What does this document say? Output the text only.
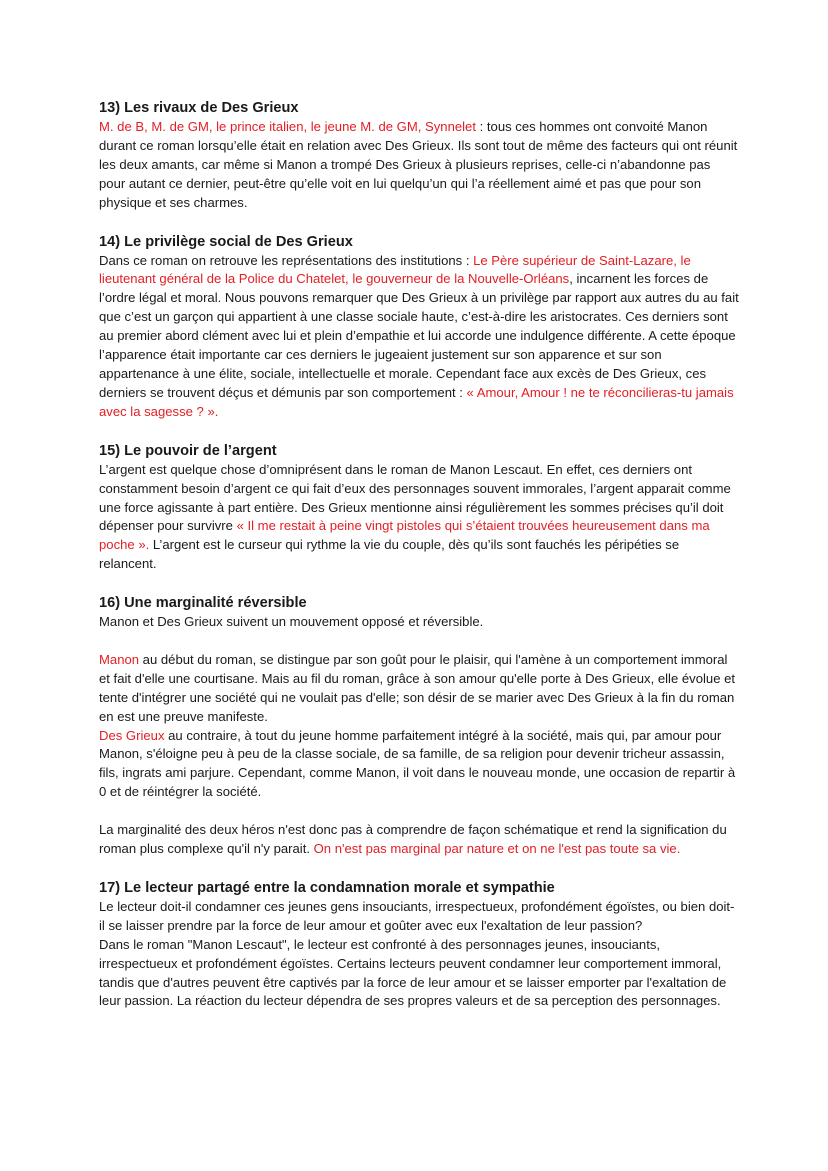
13) Les rivaux de Des Grieux

M. de B, M. de GM, le prince italien, le jeune M. de GM, Synnelet : tous ces hommes ont convoité Manon durant ce roman lorsqu’elle était en relation avec Des Grieux. Ils sont tout de même des facteurs qui ont réunit les deux amants, car même si Manon a trompé Des Grieux à plusieurs reprises, celle-ci n’abandonne pas pour autant ce dernier, peut-être qu’elle voit en lui quelqu’un qui l’a réellement aimé et pas que pour son physique et ses charmes.

14) Le privilège social de Des Grieux

Dans ce roman on retrouve les représentations des institutions : Le Père supérieur de Saint-Lazare, le lieutenant général de la Police du Chatelet, le gouverneur de la Nouvelle-Orléans, incarnent les forces de l’ordre légal et moral. Nous pouvons remarquer que Des Grieux à un privilège par rapport aux autres du au fait que c’est un garçon qui appartient à une classe sociale haute, c’est-à-dire les aristocrates. Ces derniers sont au premier abord clément avec lui et plein d’empathie et lui accorde une indulgence différente. A cette époque l’apparence était importante car ces derniers le jugeaient justement sur son apparence et sur son appartenance à une élite, sociale, intellectuelle et morale. Cependant face aux excès de Des Grieux, ces derniers se trouvent déçus et démunis par son comportement : « Amour, Amour ! ne te réconcilieras-tu jamais avec la sagesse ? ».

15) Le pouvoir de l’argent

L’argent est quelque chose d’omniprésent dans le roman de Manon Lescaut. En effet, ces derniers ont constamment besoin d’argent ce qui fait d’eux des personnages souvent immorales, l’argent apparait comme une force agissante à part entière. Des Grieux mentionne ainsi régulièrement les sommes précises qu’il doit dépenser pour survivre « Il me restait à peine vingt pistoles qui s’étaient trouvées heureusement dans ma poche ». L’argent est le curseur qui rythme la vie du couple, dès qu’ils sont fauchés les péripéties se relancent.

16) Une marginalité réversible

Manon et Des Grieux suivent un mouvement opposé et réversible.

Manon au début du roman, se distingue par son goût pour le plaisir, qui l'amène à un comportement immoral et fait d'elle une courtisane. Mais au fil du roman, grâce à son amour qu'elle porte à Des Grieux, elle évolue et tente d'intégrer une société qui ne voulait pas d'elle; son désir de se marier avec Des Grieux à la fin du roman en est une preuve manifeste.

Des Grieux au contraire, à tout du jeune homme parfaitement intégré à la société, mais qui, par amour pour Manon, s'éloigne peu à peu de la classe sociale, de sa famille, de sa religion pour devenir tricheur assassin, fils, ingrats ami parjure. Cependant, comme Manon, il voit dans le nouveau monde, une occasion de repartir à 0 et de réintégrer la société.

La marginalité des deux héros n'est donc pas à comprendre de façon schématique et rend la signification du roman plus complexe qu'il n'y parait. On n'est pas marginal par nature et on ne l'est pas toute sa vie.

17) Le lecteur partagé entre la condamnation morale et sympathie

Le lecteur doit-il condamner ces jeunes gens insouciants, irrespectueux, profondément égoïstes, ou bien doit-il se laisser prendre par la force de leur amour et goûter avec eux l'exaltation de leur passion?

Dans le roman "Manon Lescaut", le lecteur est confronté à des personnages jeunes, insouciants, irrespectueux et profondément égoïstes. Certains lecteurs peuvent condamner leur comportement immoral, tandis que d'autres peuvent être captivés par la force de leur amour et se laisser emporter par l'exaltation de leur passion. La réaction du lecteur dépendra de ses propres valeurs et de sa perception des personnages.
